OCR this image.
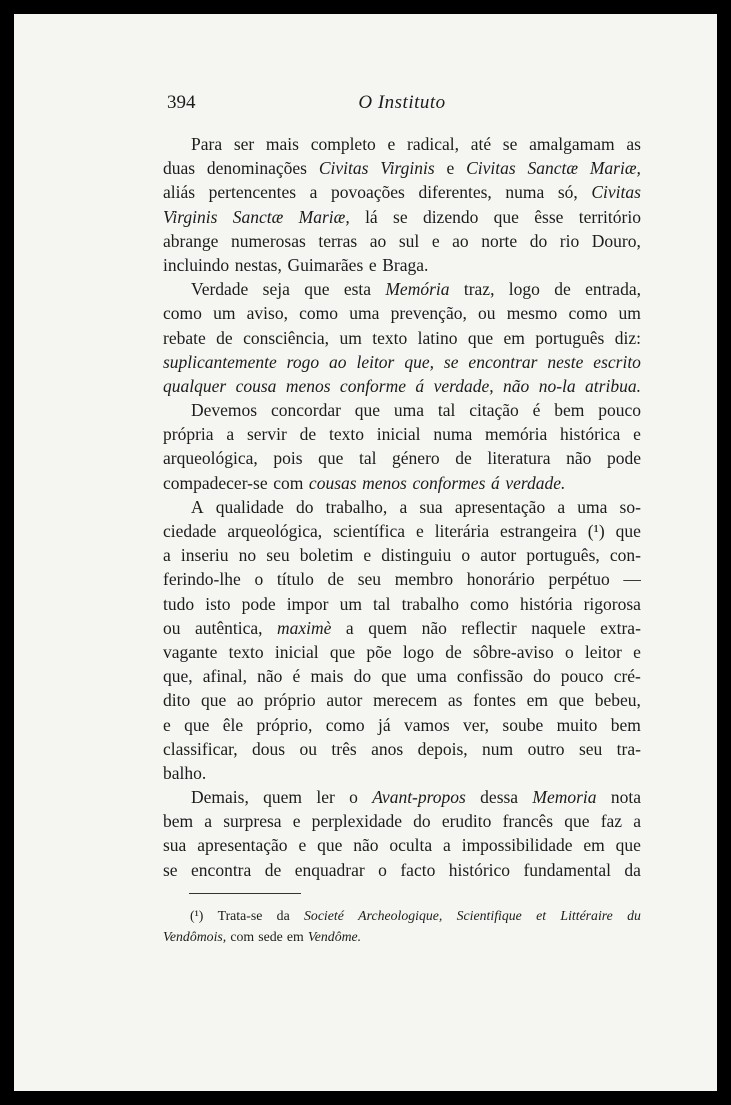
394	O Instituto
Para ser mais completo e radical, até se amalgamam as
duas denominações Civitas Virginis e Civitas Sanctæ Mariæ,
aliás pertencentes a povoações diferentes, numa só, Civitas
Virginis Sanctæ Mariæ, lá se dizendo que êsse território
abrange numerosas terras ao sul e ao norte do rio Douro,
incluindo nestas, Guimarães e Braga.
Verdade seja que esta Memória traz, logo de entrada,
como um aviso, como uma prevenção, ou mesmo como um
rebate de consciência, um texto latino que em português diz:
suplicantemente rogo ao leitor que, se encontrar neste escrito
qualquer cousa menos conforme á verdade, não no-la atribua.
Devemos concordar que uma tal citação é bem pouco
própria a servir de texto inicial numa memória histórica e
arqueológica, pois que tal género de literatura não pode
compadecer-se com cousas menos conformes á verdade.
A qualidade do trabalho, a sua apresentação a uma so-
ciedade arqueológica, scientífica e literária estrangeira (¹) que
a inseriu no seu boletim e distinguiu o autor português, con-
ferindo-lhe o título de seu membro honorário perpétuo —
tudo isto pode impor um tal trabalho como história rigorosa
ou autêntica, maximè a quem não reflectir naquele extra-
vagante texto inicial que põe logo de sôbre-aviso o leitor e
que, afinal, não é mais do que uma confissão do pouco cré-
dito que ao próprio autor merecem as fontes em que bebeu,
e que êle próprio, como já vamos ver, soube muito bem
classificar, dous ou três anos depois, num outro seu tra-
balho.
Demais, quem ler o Avant-propos dessa Memoria nota
bem a surpresa e perplexidade do erudito francês que faz a
sua apresentação e que não oculta a impossibilidade em que
se encontra de enquadrar o facto histórico fundamental da
(¹) Trata-se da Societé Archeologique, Scientifique et Littéraire du
Vendômois, com sede em Vendôme.
